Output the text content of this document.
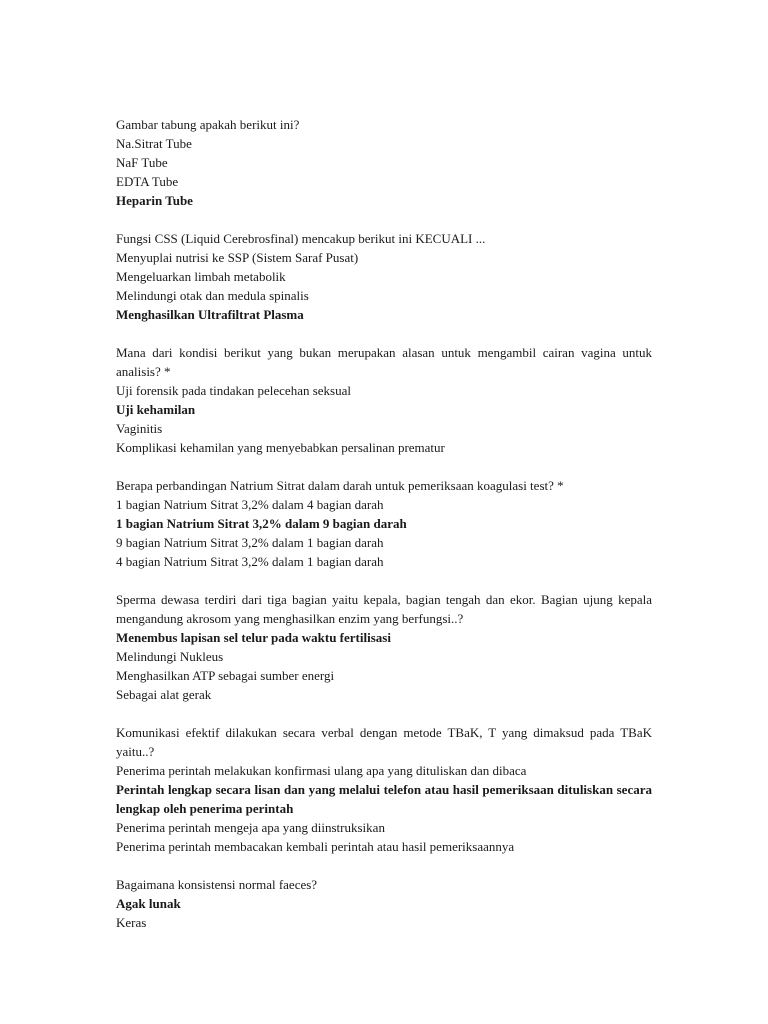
Gambar tabung apakah berikut ini?
Na.Sitrat Tube
NaF Tube
EDTA Tube
Heparin Tube
Fungsi CSS (Liquid Cerebrosfinal) mencakup berikut ini KECUALI ...
Menyuplai nutrisi ke SSP (Sistem Saraf Pusat)
Mengeluarkan limbah metabolik
Melindungi otak dan medula spinalis
Menghasilkan Ultrafiltrat Plasma
Mana dari kondisi berikut yang bukan merupakan alasan untuk mengambil cairan vagina untuk analisis? *
Uji forensik pada tindakan pelecehan seksual
Uji kehamilan
Vaginitis
Komplikasi kehamilan yang menyebabkan persalinan prematur
Berapa perbandingan Natrium Sitrat dalam darah untuk pemeriksaan koagulasi test? *
1 bagian Natrium Sitrat 3,2% dalam 4 bagian darah
1 bagian Natrium Sitrat 3,2% dalam 9 bagian darah
9 bagian Natrium Sitrat 3,2% dalam 1 bagian darah
4 bagian Natrium Sitrat 3,2% dalam 1 bagian darah
Sperma dewasa terdiri dari tiga bagian yaitu kepala, bagian tengah dan ekor. Bagian ujung kepala mengandung akrosom yang menghasilkan enzim yang berfungsi..?
Menembus lapisan sel telur pada waktu fertilisasi
Melindungi Nukleus
Menghasilkan ATP sebagai sumber energi
Sebagai alat gerak
Komunikasi efektif dilakukan secara verbal dengan metode TBaK, T yang dimaksud pada TBaK yaitu..?
Penerima perintah melakukan konfirmasi ulang apa yang dituliskan dan dibaca
Perintah lengkap secara lisan dan yang melalui telefon atau hasil pemeriksaan dituliskan secara lengkap oleh penerima perintah
Penerima perintah mengeja apa yang diinstruksikan
Penerima perintah membacakan kembali perintah atau hasil pemeriksaannya
Bagaimana konsistensi normal faeces?
Agak lunak
Keras
